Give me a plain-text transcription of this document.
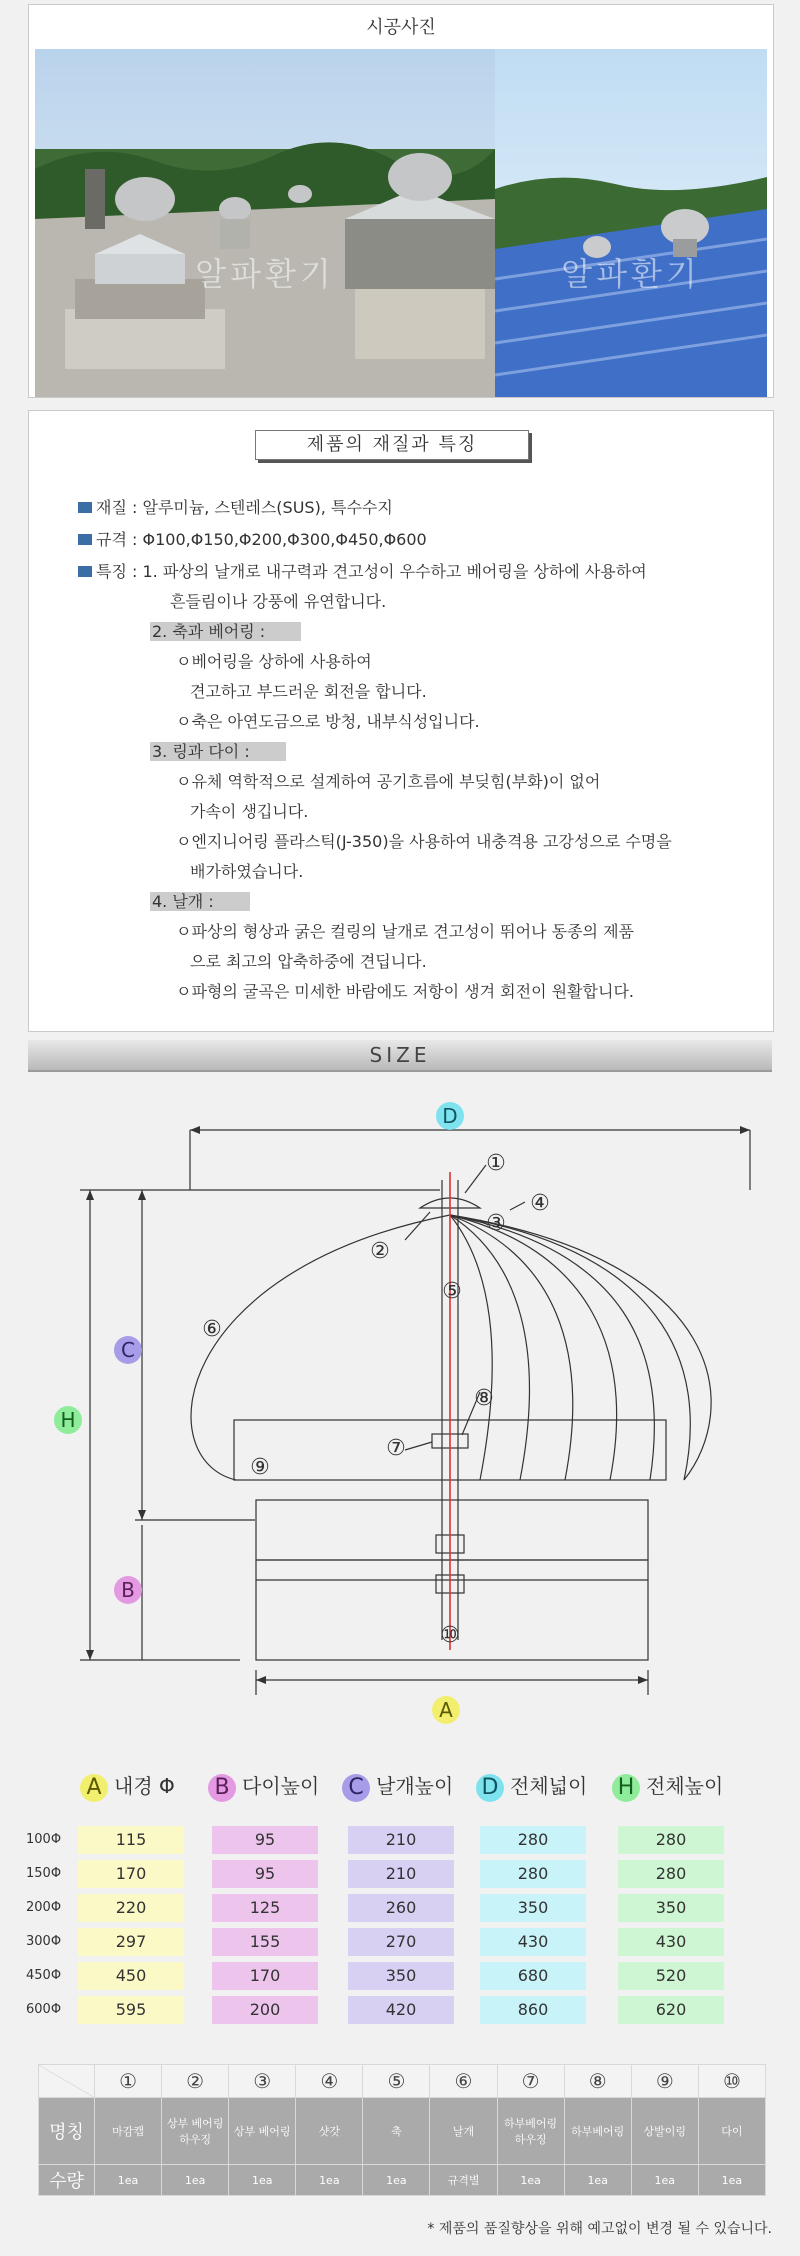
시공사진
알파환기	알파환기
제품의 재질과 특징
재질 : 알루미늄, 스텐레스(SUS), 특수수지
규격 : Φ100,Φ150,Φ200,Φ300,Φ450,Φ600
특징 : 1. 파상의 날개로 내구력과 견고성이 우수하고 베어링을 상하에 사용하여
흔들림이나 강풍에 유연합니다.
2. 축과 베어링 :
ㅇ베어링을 상하에 사용하여
견고하고 부드러운 회전을 합니다.
ㅇ축은 아연도금으로 방청, 내부식성입니다.
3. 링과 다이 :
ㅇ유체 역학적으로 설계하여 공기흐름에 부딪힘(부화)이 없어
가속이 생깁니다.
ㅇ엔지니어링 플라스틱(J-350)을 사용하여 내충격용 고강성으로 수명을
배가하였습니다.
4. 날개 :
ㅇ파상의 형상과 굵은 컬링의 날개로 견고성이 뛰어나 동종의 제품
으로 최고의 압축하중에 견딥니다.
ㅇ파형의 굴곡은 미세한 바람에도 저항이 생겨 회전이 원활합니다.
SIZE
D
C
H
B
A
①
②
③
④
⑤
⑥
⑦
⑧
⑨
⑩
A 내경 Φ B 다이높이 C 날개높이 D 전체넓이 H 전체높이
100Φ	115	95	210	280	280
150Φ	170	95	210	280	280
200Φ	220	125	260	350	350
300Φ	297	155	270	430	430
450Φ	450	170	350	680	520
600Φ	595	200	420	860	620
	①	②	③	④	⑤	⑥	⑦	⑧	⑨	⑩
명칭	마감캡	상부 베어링 하우징	상부 베어링	샷갓	축	날개	하부베어링 하우징	하부베어링	상발이링	다이
수량	1ea	1ea	1ea	1ea	1ea	규격별	1ea	1ea	1ea	1ea
* 제품의 품질향상을 위해 예고없이 변경 될 수 있습니다.
